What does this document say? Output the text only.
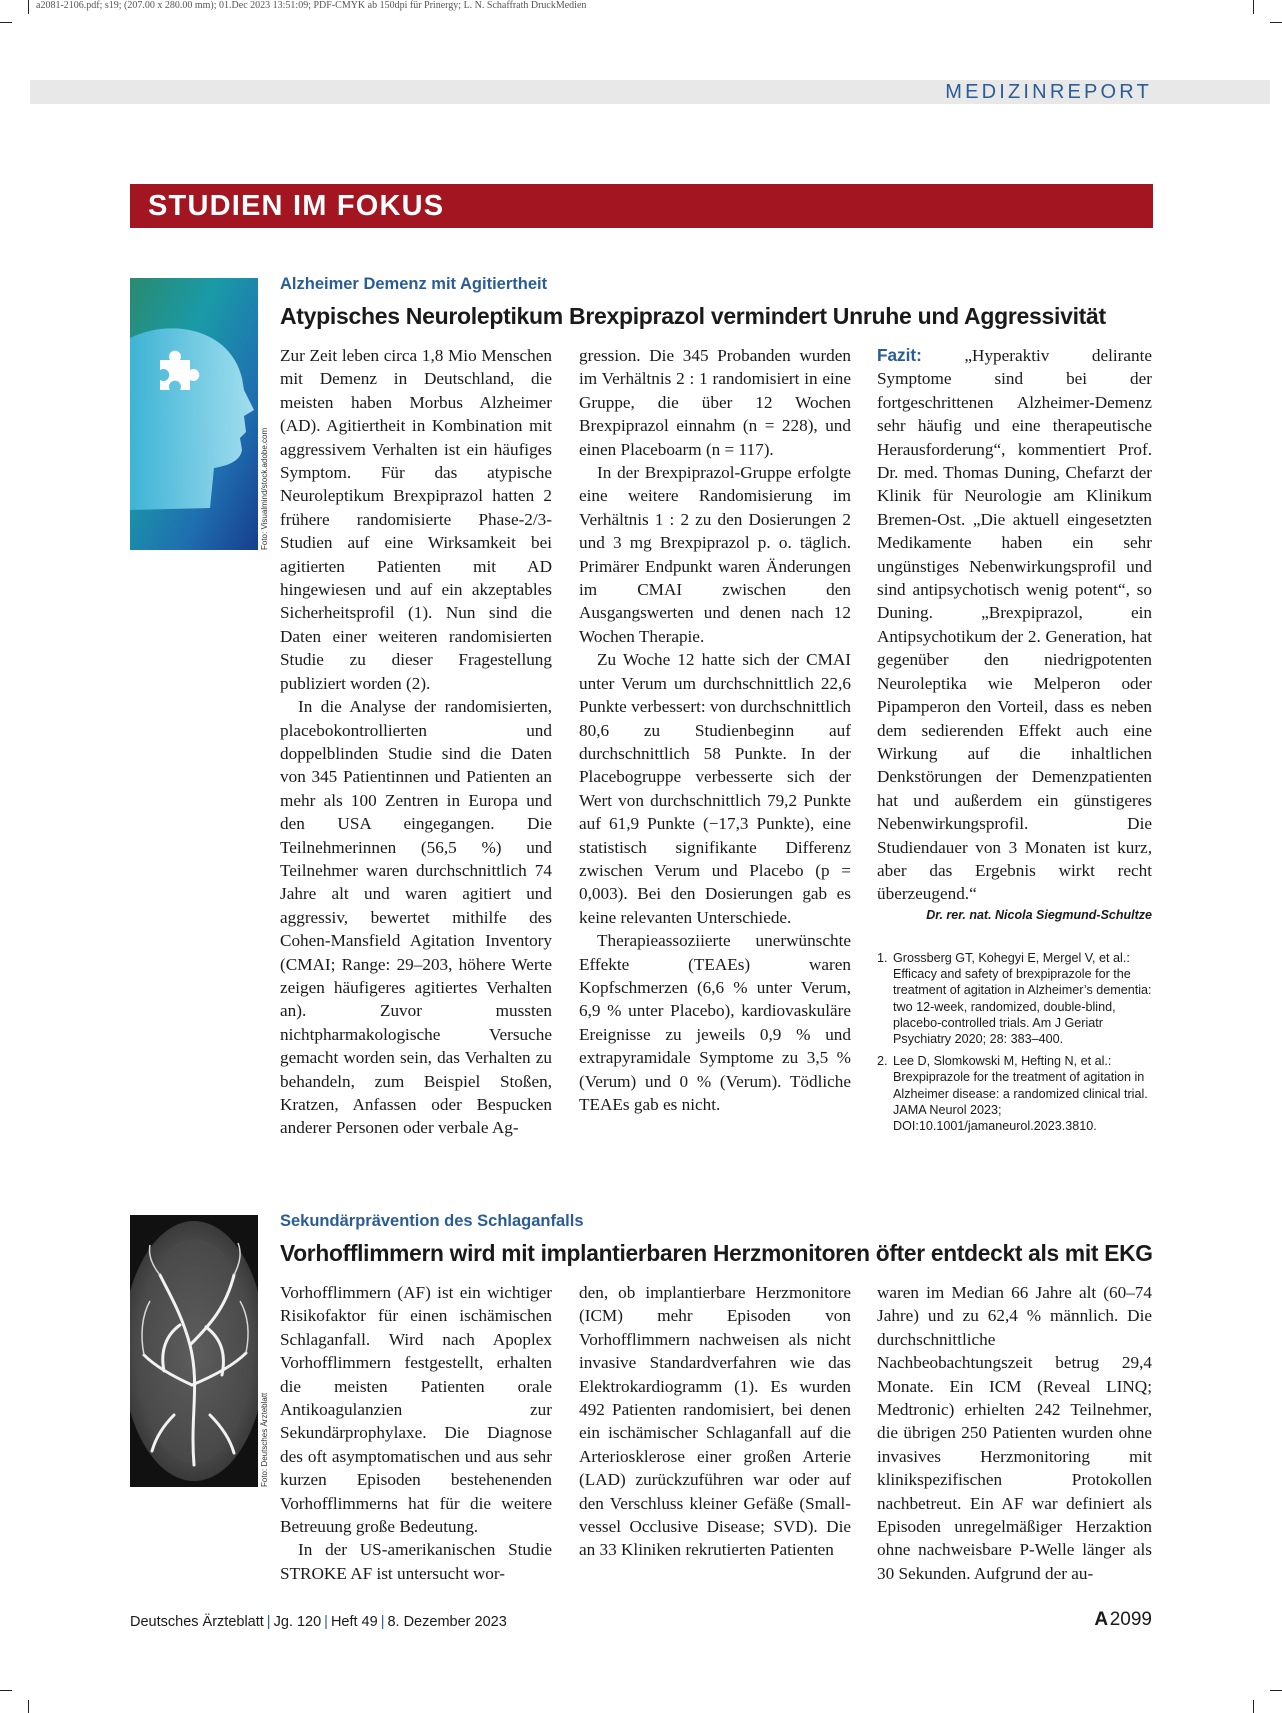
a2081-2106.pdf; s19; (207.00 x 280.00 mm); 01.Dec 2023 13:51:09; PDF-CMYK ab 150dpi für Prinergy; L. N. Schaffrath DruckMedien
MEDIZINREPORT
STUDIEN IM FOKUS
Foto: Visualmind/stock.adobe.com
Alzheimer Demenz mit Agitiertheit
Atypisches Neuroleptikum Brexpiprazol vermindert Unruhe und Aggressivität

Zur Zeit leben circa 1,8 Mio Menschen mit Demenz in Deutschland, die meisten haben Morbus Alzheimer (AD). Agitiertheit in Kombination mit aggressivem Verhalten ist ein häufiges Symptom. Für das atypische Neuroleptikum Brexpiprazol hatten 2 frühere randomisierte Phase-2/3-Studien auf eine Wirksamkeit bei agitierten Patienten mit AD hingewiesen und auf ein akzeptables Sicherheitsprofil (1). Nun sind die Daten einer weiteren randomisierten Studie zu dieser Fragestellung publiziert worden (2).

In die Analyse der randomisierten, placebokontrollierten und doppelblinden Studie sind die Daten von 345 Patientinnen und Patienten an mehr als 100 Zentren in Europa und den USA eingegangen. Die Teilnehmerinnen (56,5 %) und Teilnehmer waren durchschnittlich 74 Jahre alt und waren agitiert und aggressiv, bewertet mithilfe des Cohen-Mansfield Agitation Inventory (CMAI; Range: 29–203, höhere Werte zeigen häufigeres agitiertes Verhalten an). Zuvor mussten nichtpharmakologische Versuche gemacht worden sein, das Verhalten zu behandeln, zum Beispiel Stoßen, Kratzen, Anfassen oder Bespucken anderer Personen oder verbale Ag-

gression. Die 345 Probanden wurden im Verhältnis 2 : 1 randomisiert in eine Gruppe, die über 12 Wochen Brexpiprazol einnahm (n = 228), und einen Placeboarm (n = 117).

In der Brexpiprazol-Gruppe erfolgte eine weitere Randomisierung im Verhältnis 1 : 2 zu den Dosierungen 2 und 3 mg Brexpiprazol p. o. täglich. Primärer Endpunkt waren Änderungen im CMAI zwischen den Ausgangswerten und denen nach 12 Wochen Therapie.

Zu Woche 12 hatte sich der CMAI unter Verum um durchschnittlich 22,6 Punkte verbessert: von durchschnittlich 80,6 zu Studienbeginn auf durchschnittlich 58 Punkte. In der Placebogruppe verbesserte sich der Wert von durchschnittlich 79,2 Punkte auf 61,9 Punkte (−17,3 Punkte), eine statistisch signifikante Differenz zwischen Verum und Placebo (p = 0,003). Bei den Dosierungen gab es keine relevanten Unterschiede.

Therapieassoziierte unerwünschte Effekte (TEAEs) waren Kopfschmerzen (6,6 % unter Verum, 6,9 % unter Placebo), kardiovaskuläre Ereignisse zu jeweils 0,9 % und extrapyramidale Symptome zu 3,5 % (Verum) und 0 % (Verum). Tödliche TEAEs gab es nicht.

Fazit: „Hyperaktiv delirante Symptome sind bei der fortgeschrittenen Alzheimer-Demenz sehr häufig und eine therapeutische Herausforderung“, kommentiert Prof. Dr. med. Thomas Duning, Chefarzt der Klinik für Neurologie am Klinikum Bremen-Ost. „Die aktuell eingesetzten Medikamente haben ein sehr ungünstiges Nebenwirkungsprofil und sind antipsychotisch wenig potent“, so Duning. „Brexpiprazol, ein Antipsychotikum der 2. Generation, hat gegenüber den niedrigpotenten Neuroleptika wie Melperon oder Pipamperon den Vorteil, dass es neben dem sedierenden Effekt auch eine Wirkung auf die inhaltlichen Denkstörungen der Demenzpatienten hat und außerdem ein günstigeres Nebenwirkungsprofil. Die Studiendauer von 3 Monaten ist kurz, aber das Ergebnis wirkt recht überzeugend.“

Dr. rer. nat. Nicola Siegmund-Schultze
1. Grossberg GT, Kohegyi E, Mergel V, et al.: Efficacy and safety of brexpiprazole for the treatment of agitation in Alzheimer’s dementia: two 12-week, randomized, double-blind, placebo-controlled trials. Am J Geriatr Psychiatry 2020; 28: 383–400.
2. Lee D, Slomkowski M, Hefting N, et al.: Brexpiprazole for the treatment of agitation in Alzheimer disease: a randomized clinical trial. JAMA Neurol 2023; DOI:10.1001/jamaneurol.2023.3810.
Foto: Deutsches Ärzteblatt
Sekundärprävention des Schlaganfalls
Vorhofflimmern wird mit implantierbaren Herzmonitoren öfter entdeckt als mit EKG

Vorhofflimmern (AF) ist ein wichtiger Risikofaktor für einen ischämischen Schlaganfall. Wird nach Apoplex Vorhofflimmern festgestellt, erhalten die meisten Patienten orale Antikoagulanzien zur Sekundärprophylaxe. Die Diagnose des oft asymptomatischen und aus sehr kurzen Episoden bestehenenden Vorhofflimmerns hat für die weitere Betreuung große Bedeutung.

In der US-amerikanischen Studie STROKE AF ist untersucht wor-

den, ob implantierbare Herzmonitore (ICM) mehr Episoden von Vorhofflimmern nachweisen als nicht invasive Standardverfahren wie das Elektrokardiogramm (1). Es wurden 492 Patienten randomisiert, bei denen ein ischämischer Schlaganfall auf die Arteriosklerose einer großen Arterie (LAD) zurückzuführen war oder auf den Verschluss kleiner Gefäße (Small-vessel Occlusive Disease; SVD). Die an 33 Kliniken rekrutierten Patienten

waren im Median 66 Jahre alt (60–74 Jahre) und zu 62,4 % männlich. Die durchschnittliche Nachbeobachtungszeit betrug 29,4 Monate. Ein ICM (Reveal LINQ; Medtronic) erhielten 242 Teilnehmer, die übrigen 250 Patienten wurden ohne invasives Herzmonitoring mit klinikspezifischen Protokollen nachbetreut. Ein AF war definiert als Episoden unregelmäßiger Herzaktion ohne nachweisbare P-Welle länger als 30 Sekunden. Aufgrund der au-

Deutsches Ärzteblatt | Jg. 120 | Heft 49 | 8. Dezember 2023	A 2099
